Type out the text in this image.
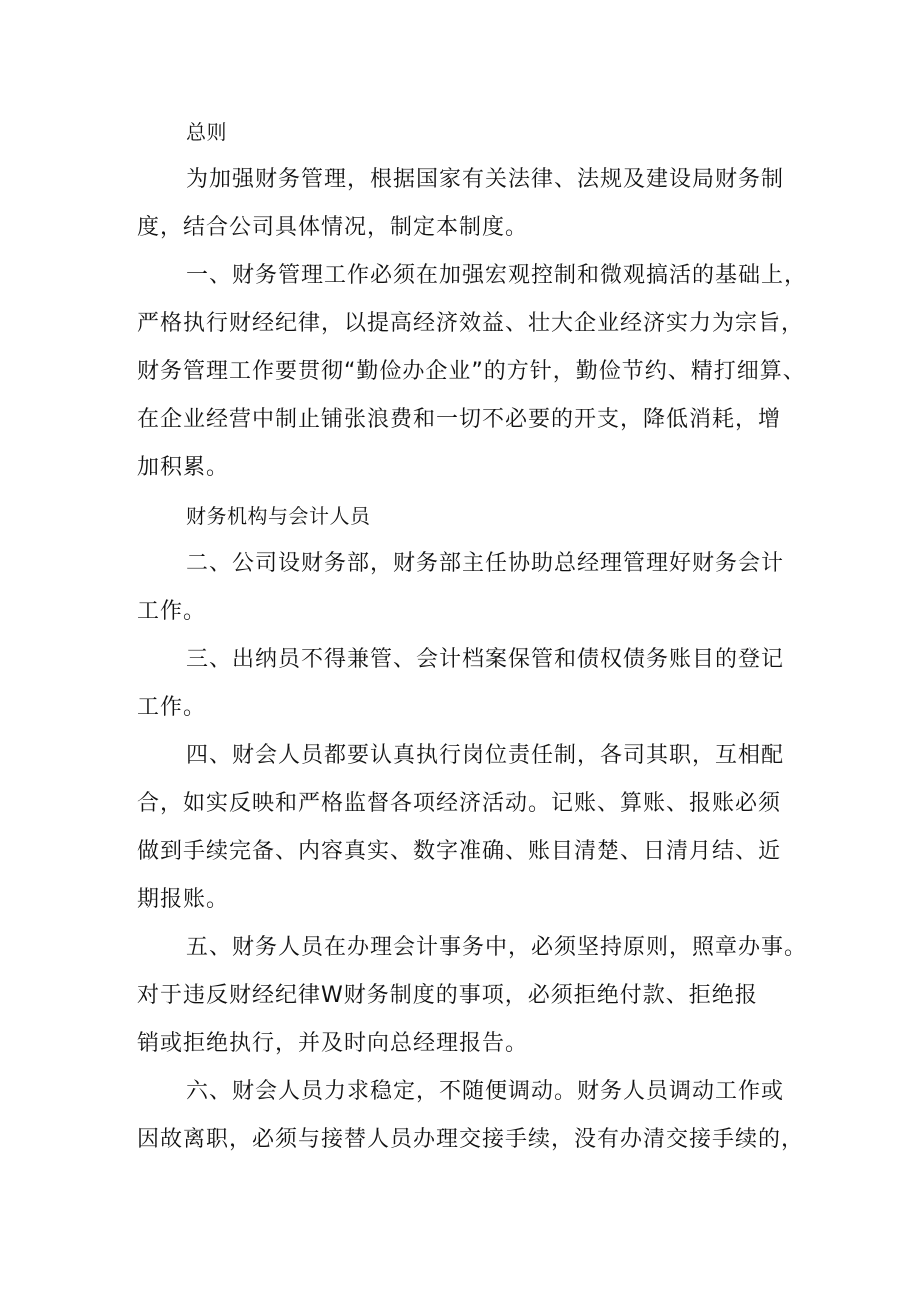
总则
为加强财务管理，根据国家有关法律、法规及建设局财务制
度，结合公司具体情况，制定本制度。
一、财务管理工作必须在加强宏观控制和微观搞活的基础上，
严格执行财经纪律，以提高经济效益、壮大企业经济实力为宗旨，
财务管理工作要贯彻“勤俭办企业”的方针，勤俭节约、精打细算、
在企业经营中制止铺张浪费和一切不必要的开支，降低消耗，增
加积累。
财务机构与会计人员
二、公司设财务部，财务部主任协助总经理管理好财务会计
工作。
三、出纳员不得兼管、会计档案保管和债权债务账目的登记
工作。
四、财会人员都要认真执行岗位责任制，各司其职，互相配
合，如实反映和严格监督各项经济活动。记账、算账、报账必须
做到手续完备、内容真实、数字准确、账目清楚、日清月结、近
期报账。
五、财务人员在办理会计事务中，必须坚持原则，照章办事。
对于违反财经纪律W财务制度的事项，必须拒绝付款、拒绝报
销或拒绝执行，并及时向总经理报告。
六、财会人员力求稳定，不随便调动。财务人员调动工作或
因故离职，必须与接替人员办理交接手续，没有办清交接手续的，
